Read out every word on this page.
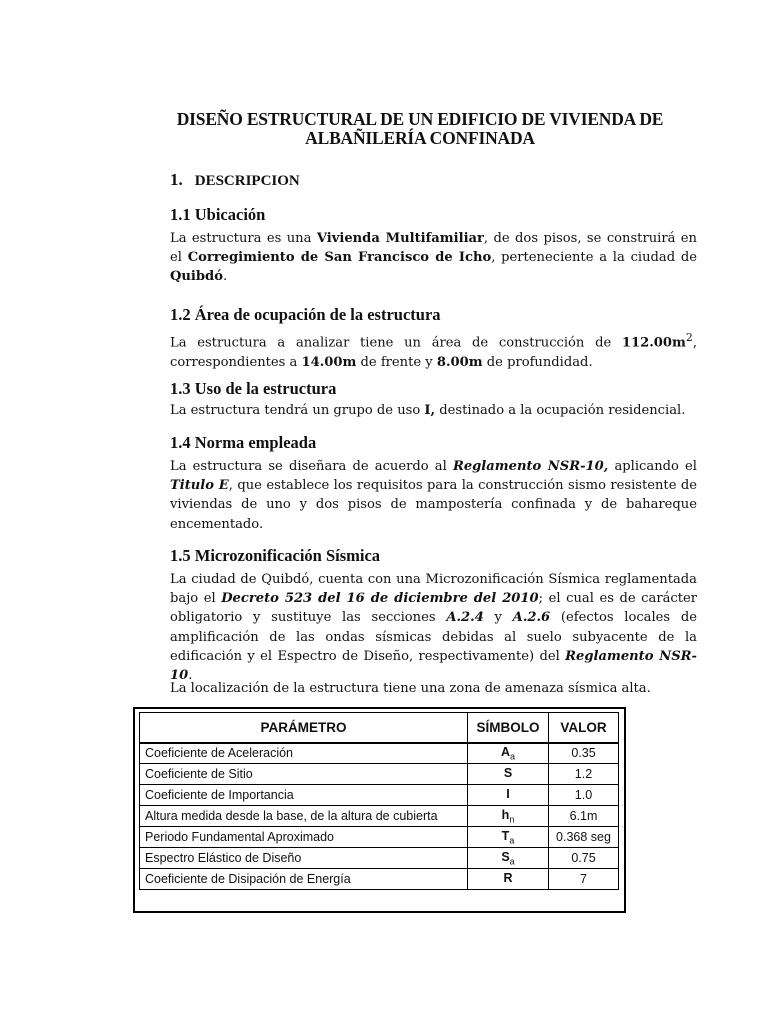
DISEÑO ESTRUCTURAL DE UN EDIFICIO DE VIVIENDA DE
ALBAÑILERÍA CONFINADA
1. DESCRIPCION
1.1 Ubicación
La estructura es una Vivienda Multifamiliar, de dos pisos, se construirá en el Corregimiento de San Francisco de Icho, perteneciente a la ciudad de Quibdó.
1.2 Área de ocupación de la estructura
La estructura a analizar tiene un área de construcción de $112.00m^2$, correspondientes a 14.00m de frente y 8.00m de profundidad.
1.3 Uso de la estructura
La estructura tendrá un grupo de uso I, destinado a la ocupación residencial.
1.4 Norma empleada
La estructura se diseñara de acuerdo al Reglamento NSR-10, aplicando el Titulo E, que establece los requisitos para la construcción sismo resistente de viviendas de uno y dos pisos de mampostería confinada y de bahareque encementado.
1.5 Microzonificación Sísmica
La ciudad de Quibdó, cuenta con una Microzonificación Sísmica reglamentada bajo el Decreto 523 del 16 de diciembre del 2010; el cual es de carácter obligatorio y sustituye las secciones A.2.4 y A.2.6 (efectos locales de amplificación de las ondas sísmicas debidas al suelo subyacente de la edificación y el Espectro de Diseño, respectivamente) del Reglamento NSR-10.
La localización de la estructura tiene una zona de amenaza sísmica alta.
PARÁMETRO	SÍMBOLO	VALOR
Coeficiente de Aceleración	$A_a$	0.35
Coeficiente de Sitio	S	1.2
Coeficiente de Importancia	I	1.0
Altura medida desde la base, de la altura de cubierta	$h_n$	6.1m
Periodo Fundamental Aproximado	$T_a$	0.368 seg
Espectro Elástico de Diseño	$S_a$	0.75
Coeficiente de Disipación de Energía	R	7
